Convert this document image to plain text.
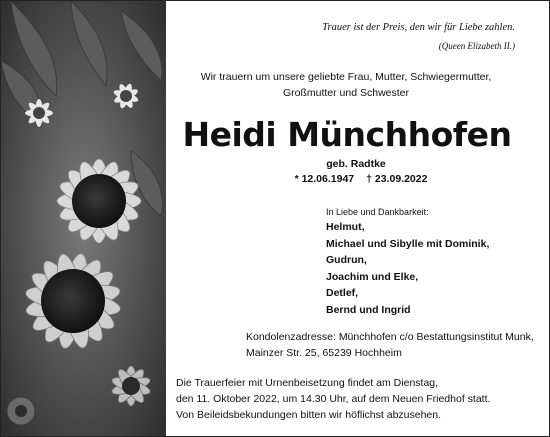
Trauer ist der Preis, den wir für Liebe zahlen.
(Queen Elizabeth II.)
Wir trauern um unsere geliebte Frau, Mutter, Schwiegermutter,
Großmutter und Schwester
Heidi Münchhofen
geb. Radtke
* 12.06.1947 † 23.09.2022
In Liebe und Dankbarkeit:
Helmut,
Michael und Sibylle mit Dominik,
Gudrun,
Joachim und Elke,
Detlef,
Bernd und Ingrid
Kondolenzadresse: Münchhofen c/o Bestattungsinstitut Munk,
Mainzer Str. 25, 65239 Hochheim
Die Trauerfeier mit Urnenbeisetzung findet am Dienstag,
den 11. Oktober 2022, um 14.30 Uhr, auf dem Neuen Friedhof statt.
Von Beileidsbekundungen bitten wir höflichst abzusehen.
